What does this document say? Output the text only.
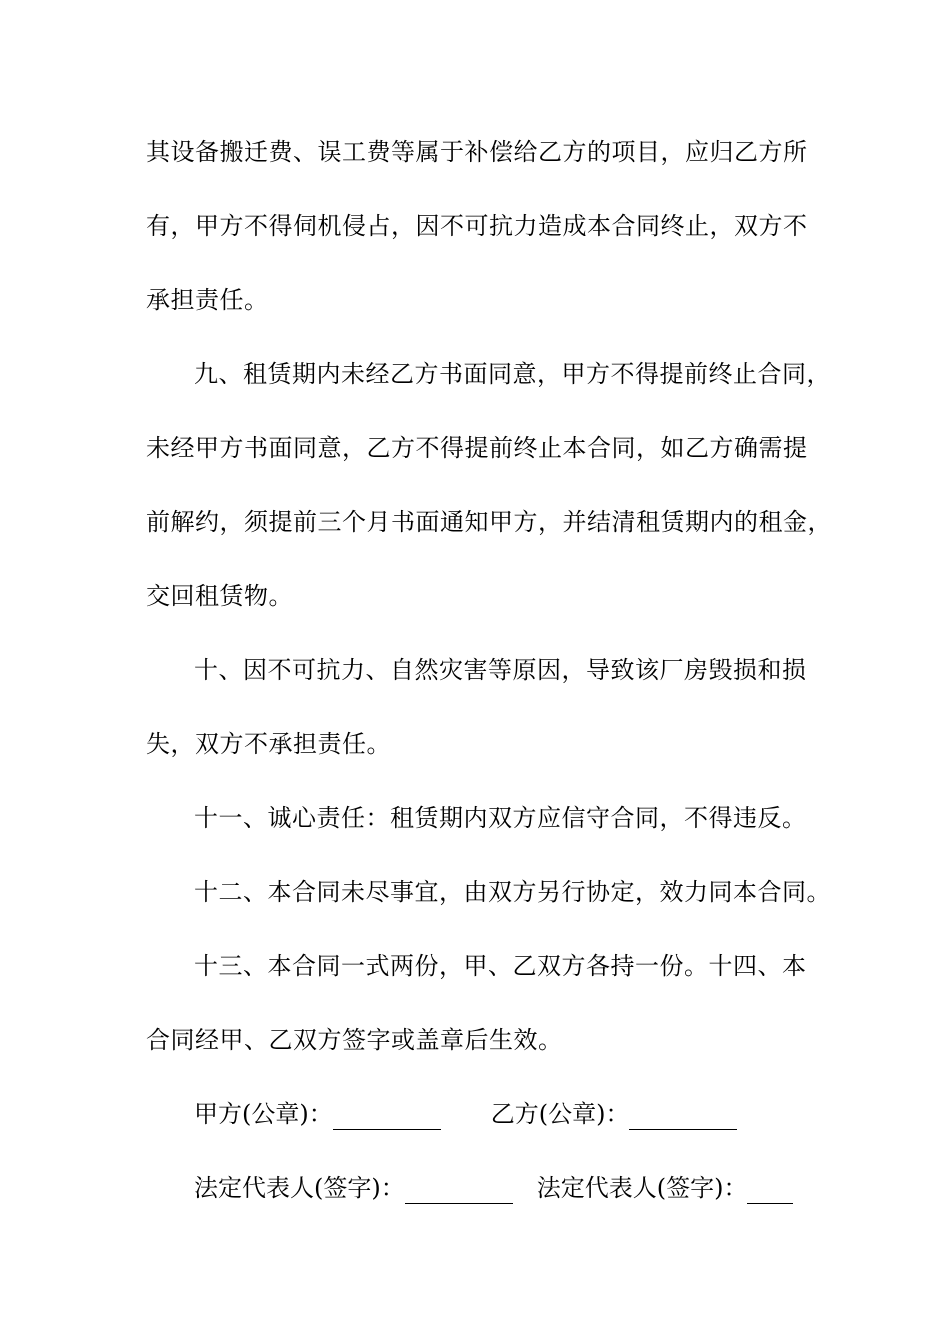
其设备搬迁费、误工费等属于补偿给乙方的项目，应归乙方所
有，甲方不得伺机侵占，因不可抗力造成本合同终止，双方不
承担责任。
九、租赁期内未经乙方书面同意，甲方不得提前终止合同，
未经甲方书面同意，乙方不得提前终止本合同，如乙方确需提
前解约，须提前三个月书面通知甲方，并结清租赁期内的租金，
交回租赁物。
十、因不可抗力、自然灾害等原因，导致该厂房毁损和损
失，双方不承担责任。
十一、诚心责任：租赁期内双方应信守合同，不得违反。
十二、本合同未尽事宜，由双方另行协定，效力同本合同。
十三、本合同一式两份，甲、乙双方各持一份。十四、本
合同经甲、乙双方签字或盖章后生效。
甲方(公章)：	乙方(公章)：
法定代表人(签字)：	法定代表人(签字)：
